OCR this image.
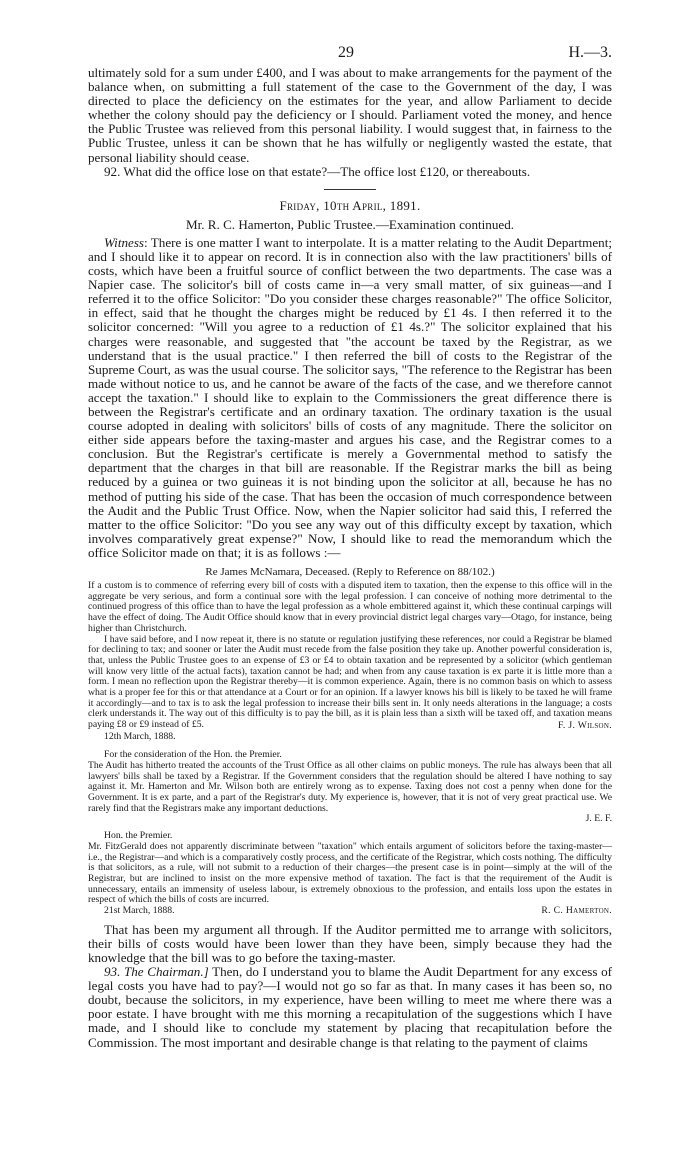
29	H.—3.

ultimately sold for a sum under £400, and I was about to make arrangements for the payment of the balance when, on submitting a full statement of the case to the Government of the day, I was directed to place the deficiency on the estimates for the year, and allow Parliament to decide whether the colony should pay the deficiency or I should. Parliament voted the money, and hence the Public Trustee was relieved from this personal liability. I would suggest that, in fairness to the Public Trustee, unless it can be shown that he has wilfully or negligently wasted the estate, that personal liability should cease.

92. What did the office lose on that estate?—The office lost £120, or thereabouts.

Friday, 10th April, 1891.

Mr. R. C. Hamerton, Public Trustee.—Examination continued.

Witness: There is one matter I want to interpolate. It is a matter relating to the Audit Department; and I should like it to appear on record. It is in connection also with the law practitioners' bills of costs, which have been a fruitful source of conflict between the two departments. The case was a Napier case. The solicitor's bill of costs came in—a very small matter, of six guineas—and I referred it to the office Solicitor: "Do you consider these charges reasonable?" The office Solicitor, in effect, said that he thought the charges might be reduced by £1 4s. I then referred it to the solicitor concerned: "Will you agree to a reduction of £1 4s.?" The solicitor explained that his charges were reasonable, and suggested that "the account be taxed by the Registrar, as we understand that is the usual practice." I then referred the bill of costs to the Registrar of the Supreme Court, as was the usual course. The solicitor says, "The reference to the Registrar has been made without notice to us, and he cannot be aware of the facts of the case, and we therefore cannot accept the taxation." I should like to explain to the Commissioners the great difference there is between the Registrar's certificate and an ordinary taxation. The ordinary taxation is the usual course adopted in dealing with solicitors' bills of costs of any magnitude. There the solicitor on either side appears before the taxing-master and argues his case, and the Registrar comes to a conclusion. But the Registrar's certificate is merely a Governmental method to satisfy the department that the charges in that bill are reasonable. If the Registrar marks the bill as being reduced by a guinea or two guineas it is not binding upon the solicitor at all, because he has no method of putting his side of the case. That has been the occasion of much correspondence between the Audit and the Public Trust Office. Now, when the Napier solicitor had said this, I referred the matter to the office Solicitor: "Do you see any way out of this difficulty except by taxation, which involves comparatively great expense?" Now, I should like to read the memorandum which the office Solicitor made on that; it is as follows :—

Re James McNamara, Deceased. (Reply to Reference on 88/102.)

If a custom is to commence of referring every bill of costs with a disputed item to taxation, then the expense to this office will in the aggregate be very serious, and form a continual sore with the legal profession. I can conceive of nothing more detrimental to the continued progress of this office than to have the legal profession as a whole embittered against it, which these continual carpings will have the effect of doing. The Audit Office should know that in every provincial district legal charges vary—Otago, for instance, being higher than Christchurch.

I have said before, and I now repeat it, there is no statute or regulation justifying these references, nor could a Registrar be blamed for declining to tax; and sooner or later the Audit must recede from the false position they take up. Another powerful consideration is, that, unless the Public Trustee goes to an expense of £3 or £4 to obtain taxation and be represented by a solicitor (which gentleman will know very little of the actual facts), taxation cannot be had; and when from any cause taxation is ex parte it is little more than a form. I mean no reflection upon the Registrar thereby—it is common experience. Again, there is no common basis on which to assess what is a proper fee for this or that attendance at a Court or for an opinion. If a lawyer knows his bill is likely to be taxed he will frame it accordingly—and to tax is to ask the legal profession to increase their bills sent in. It only needs alterations in the language; a costs clerk understands it. The way out of this difficulty is to pay the bill, as it is plain less than a sixth will be taxed off, and taxation means paying £8 or £9 instead of £5.	F. J. Wilson.

12th March, 1888.

For the consideration of the Hon. the Premier.

The Audit has hitherto treated the accounts of the Trust Office as all other claims on public moneys. The rule has always been that all lawyers' bills shall be taxed by a Registrar. If the Government considers that the regulation should be altered I have nothing to say against it. Mr. Hamerton and Mr. Wilson both are entirely wrong as to expense. Taxing does not cost a penny when done for the Government. It is ex parte, and a part of the Registrar's duty. My experience is, however, that it is not of very great practical use. We rarely find that the Registrars make any important deductions.

J. E. F.

Hon. the Premier.

Mr. FitzGerald does not apparently discriminate between "taxation" which entails argument of solicitors before the taxing-master—i.e., the Registrar—and which is a comparatively costly process, and the certificate of the Registrar, which costs nothing. The difficulty is that solicitors, as a rule, will not submit to a reduction of their charges—the present case is in point—simply at the will of the Registrar, but are inclined to insist on the more expensive method of taxation. The fact is that the requirement of the Audit is unnecessary, entails an immensity of useless labour, is extremely obnoxious to the profession, and entails loss upon the estates in respect of which the bills of costs are incurred.

21st March, 1888.	R. C. Hamerton.

That has been my argument all through. If the Auditor permitted me to arrange with solicitors, their bills of costs would have been lower than they have been, simply because they had the knowledge that the bill was to go before the taxing-master.

93. The Chairman.] Then, do I understand you to blame the Audit Department for any excess of legal costs you have had to pay?—I would not go so far as that. In many cases it has been so, no doubt, because the solicitors, in my experience, have been willing to meet me where there was a poor estate. I have brought with me this morning a recapitulation of the suggestions which I have made, and I should like to conclude my statement by placing that recapitulation before the Commission. The most important and desirable change is that relating to the payment of claims
